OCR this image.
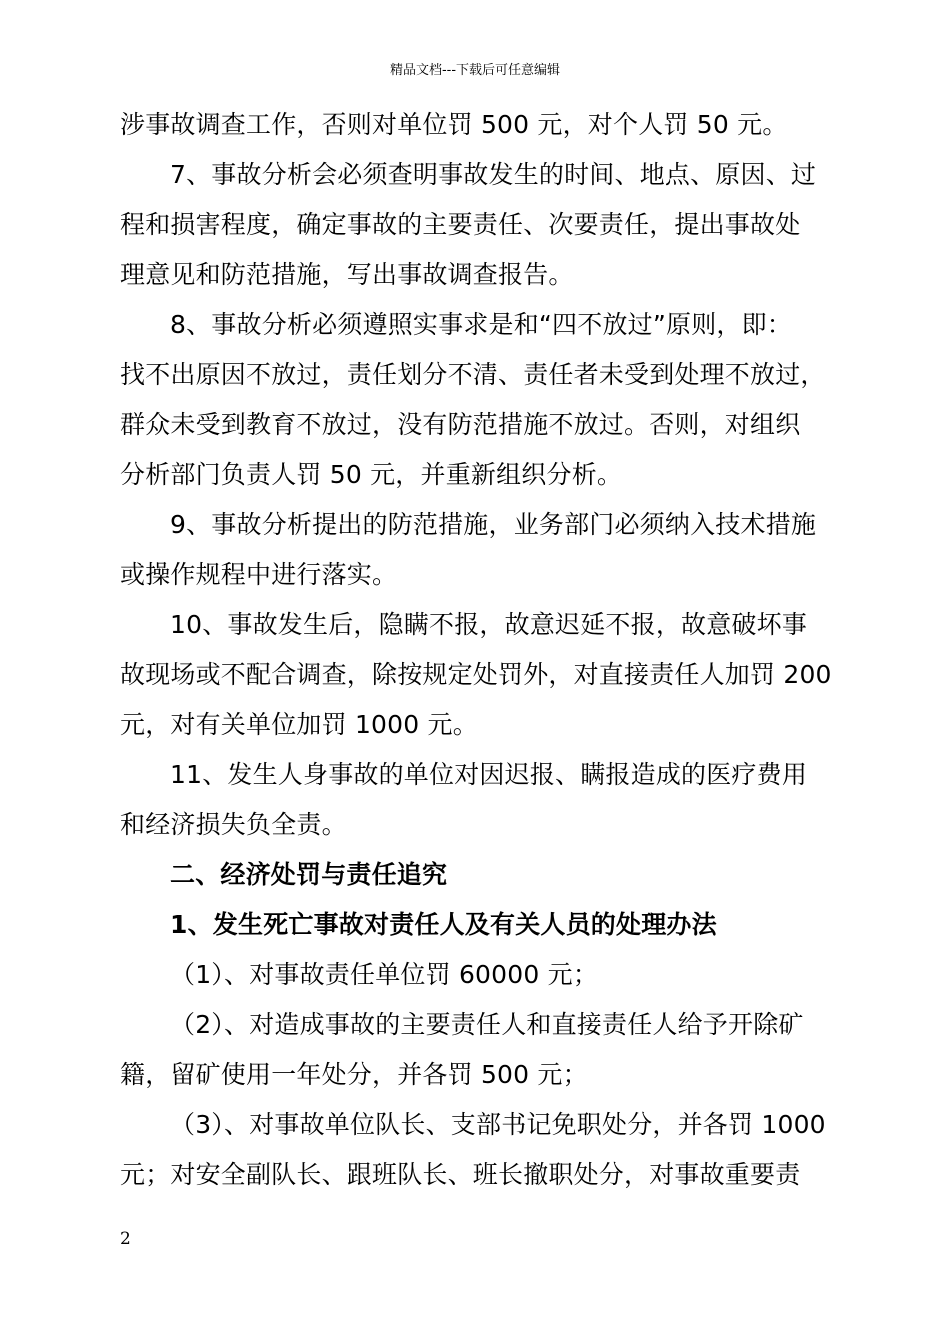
精品文档---下载后可任意编辑
涉事故调查工作，否则对单位罚 500 元，对个人罚 50 元。
7、事故分析会必须查明事故发生的时间、地点、原因、过
程和损害程度，确定事故的主要责任、次要责任，提出事故处
理意见和防范措施，写出事故调查报告。
8、事故分析必须遵照实事求是和“四不放过”原则，即：
找不出原因不放过，责任划分不清、责任者未受到处理不放过，
群众未受到教育不放过，没有防范措施不放过。否则，对组织
分析部门负责人罚 50 元，并重新组织分析。
9、事故分析提出的防范措施，业务部门必须纳入技术措施
或操作规程中进行落实。
10、事故发生后，隐瞒不报，故意迟延不报，故意破坏事
故现场或不配合调查，除按规定处罚外，对直接责任人加罚 200
元，对有关单位加罚 1000 元。
11、发生人身事故的单位对因迟报、瞒报造成的医疗费用
和经济损失负全责。
二、经济处罚与责任追究
1、发生死亡事故对责任人及有关人员的处理办法
（1）、对事故责任单位罚 60000 元；
（2）、对造成事故的主要责任人和直接责任人给予开除矿
籍，留矿使用一年处分，并各罚 500 元；
（3）、对事故单位队长、支部书记免职处分，并各罚 1000
元；对安全副队长、跟班队长、班长撤职处分，对事故重要责
2
